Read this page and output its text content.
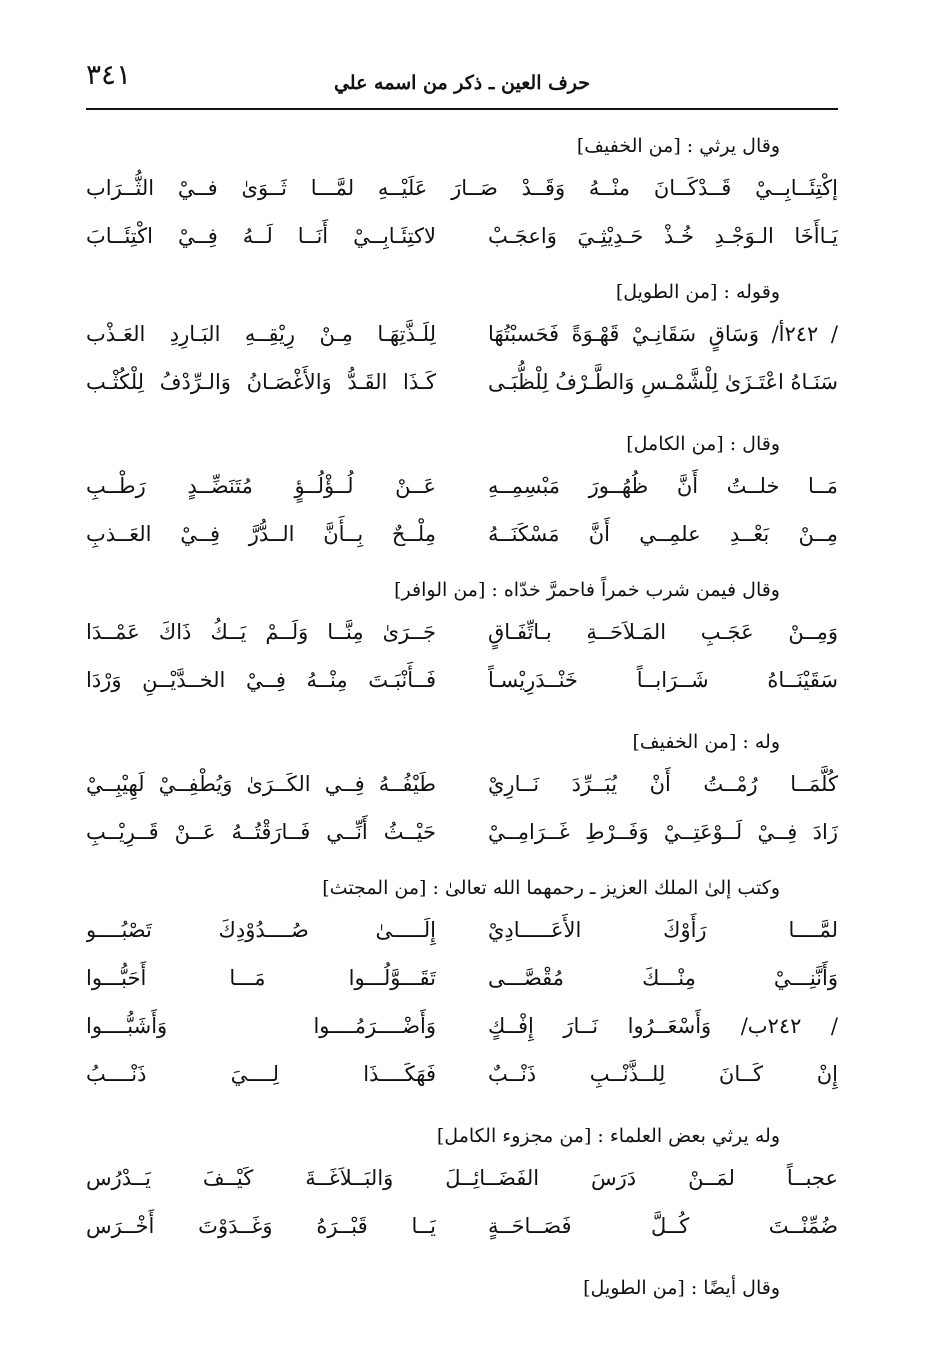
٣٤١	حرف العين ـ ذكر من اسمه علي
وقال يرثي : [من الخفيف]
إكْتِئَــابِــيْ قَــدْكَــانَ منْــهُ وَقَــدْ صَــارَ عَلَيْــهِ لمَّـــا ثَــوَىٰ فــيْ الثُّــرَاب
يَـاأَخَا الـوَجْـدِ خُـذْ حَـدِيْثِـيَ وَاعجَـبْ
لاكتِئَـابِــيْ أَنَــا لَــهُ فِــيْ اكْتِئَــابَ
وقوله : [من الطويل]
/ ٢٤٢أ/ وَسَاقٍ سَقَانِـيْ قَهْـوَةً فَحَسبْتُهَا
لِلَـذَّتِهَـا مِـنْ رِيْقِــهِ البَـارِدِ العَـذْب
سَنَـاهُ اعْتَـزَىٰ لِلْشَّمْـسِ وَالطَّـرْفُ لِلْظُّبَـى
كَـذَا القَـدُّ وَالأَغْصَـانُ وَالـرِّدْفُ لِلْكُثْـب
وقال : [من الكامل]
مَــا خلــتُ أَنَّ ظُهُــورَ مَبْسِمِــهِ
عَــنْ لُــؤْلُــؤٍ مُتَنَضِّــدٍ رَطْــبِ
مِــنْ بَعْــدِ علمِــي أَنَّ مَسْكَنَــهُ
مِلْــحٌ بِــأَنَّ الــدُّرَّ فِــيْ العَــذبِ
وقال فيمن شرب خمراً فاحمرَّ خدّاه : [من الوافر]
وَمِــنْ عَجَـبِ المَـلاَحَــةِ بـاتِّفَـاقٍ
جَــرَىٰ مِنَّــا وَلَــمْ يَــكُ ذَاكَ عَمْــدَا
سَقَيْنَــاهُ شَــرَابــاً خَنْــدَرِيْسـاً
فَــأَنْبَـتَ مِنْــهُ فِــيْ الخــدَّيْــنِ وَرْدَا
وله : [من الخفيف]
كُلَّمَــا رُمْــتُ أَنْ يُبَــرِّدَ نَــارِيْ
طَيْفُــهُ فِــي الكَــرَىٰ وَيُطْفِــيْ لَهِيْبِــيْ
زَادَ فِــيْ لَــوْعَتِــيْ وَفَــرْطِ غَــرَامِــيْ
حَيْــثُ أَنِّــي فَــارَقْتُــهُ عَــنْ قَــرِيْــبِ
وكتب إلىٰ الملك العزيز ـ رحمهما الله تعالىٰ : [من المجتث]
لمَّــــا رَأَوْكَ الأَعَـــــادِيْ
إِلَـــــىٰ صُــــدُوْدِكَ تَصْبُــــو
وَأَنَّنِـــيْ مِنْـــكَ مُقْصَّـــى
تَقَـــوَّلُـــوا مَـــا أَحَبُّـــوا
/ ٢٤٢ب/ وَأَسْعَــرُوا نَــارَ إِفْــكٍ
وَأَضْــــرَمُــــوا وَأَشَبُّــــوا
إِنْ كَــانَ لِلــذَّنْــبِ ذَنْــبٌ
فَهَكَــــذَا لِــــيَ ذَنْــــبُ
وله يرثي بعض العلماء : [من مجزوء الكامل]
عجبــاً لمَــنْ دَرَسَ الفَضَــائِــلَ وَالبَــلاَغَــةَ كَيْــفَ يَــدْرُس
ضُمِّنْــتَ كُــلَّ فَصَــاحَــةٍ
يَــا قَبْــرَهُ وَغَــدَوْتَ أَخْــرَس
وقال أيضًا : [من الطويل]
